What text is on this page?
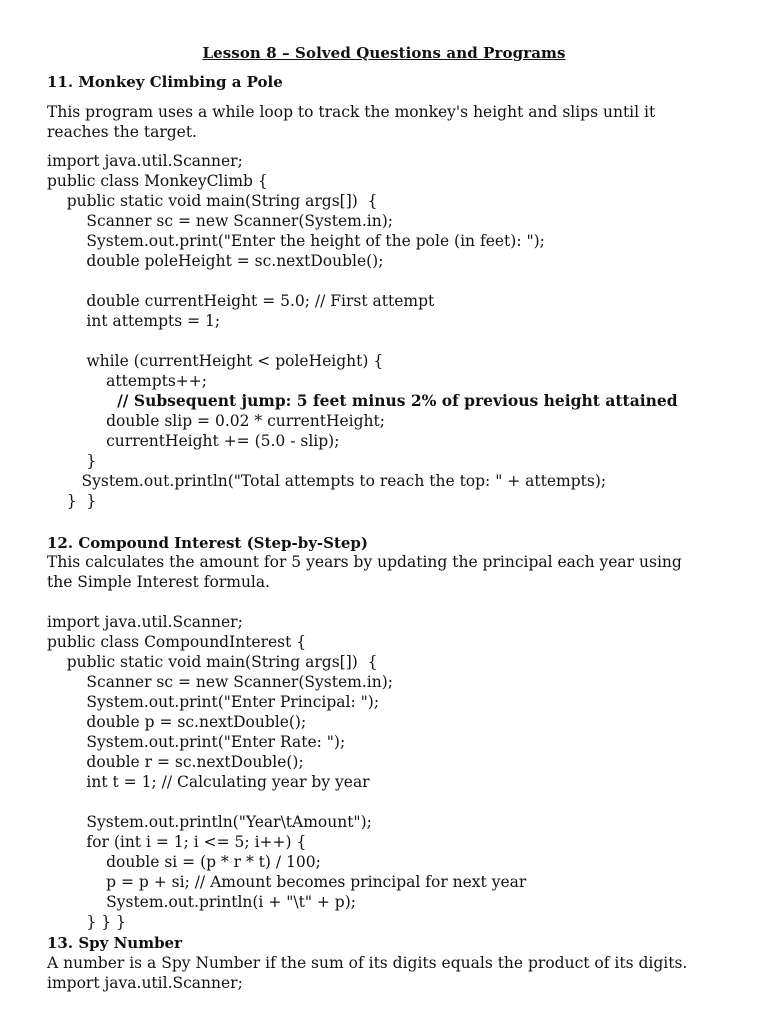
Lesson 8 – Solved Questions and Programs
11. Monkey Climbing a Pole
This program uses a while loop to track the monkey's height and slips until it
reaches the target.
import java.util.Scanner;
public class MonkeyClimb {
public static void main(String args[])  {
Scanner sc = new Scanner(System.in);
System.out.print("Enter the height of the pole (in feet): ");
double poleHeight = sc.nextDouble();
double currentHeight = 5.0; // First attempt
int attempts = 1;
while (currentHeight < poleHeight) {
attempts++;
// Subsequent jump: 5 feet minus 2% of previous height attained
double slip = 0.02 * currentHeight;
currentHeight += (5.0 - slip);
}
System.out.println("Total attempts to reach the top: " + attempts);
}  }
12. Compound Interest (Step-by-Step)
This calculates the amount for 5 years by updating the principal each year using
the Simple Interest formula.
import java.util.Scanner;
public class CompoundInterest {
public static void main(String args[])  {
Scanner sc = new Scanner(System.in);
System.out.print("Enter Principal: ");
double p = sc.nextDouble();
System.out.print("Enter Rate: ");
double r = sc.nextDouble();
int t = 1; // Calculating year by year
System.out.println("Year\tAmount");
for (int i = 1; i <= 5; i++) {
double si = (p * r * t) / 100;
p = p + si; // Amount becomes principal for next year
System.out.println(i + "\t" + p);
} } }
13. Spy Number
A number is a Spy Number if the sum of its digits equals the product of its digits.
import java.util.Scanner;
